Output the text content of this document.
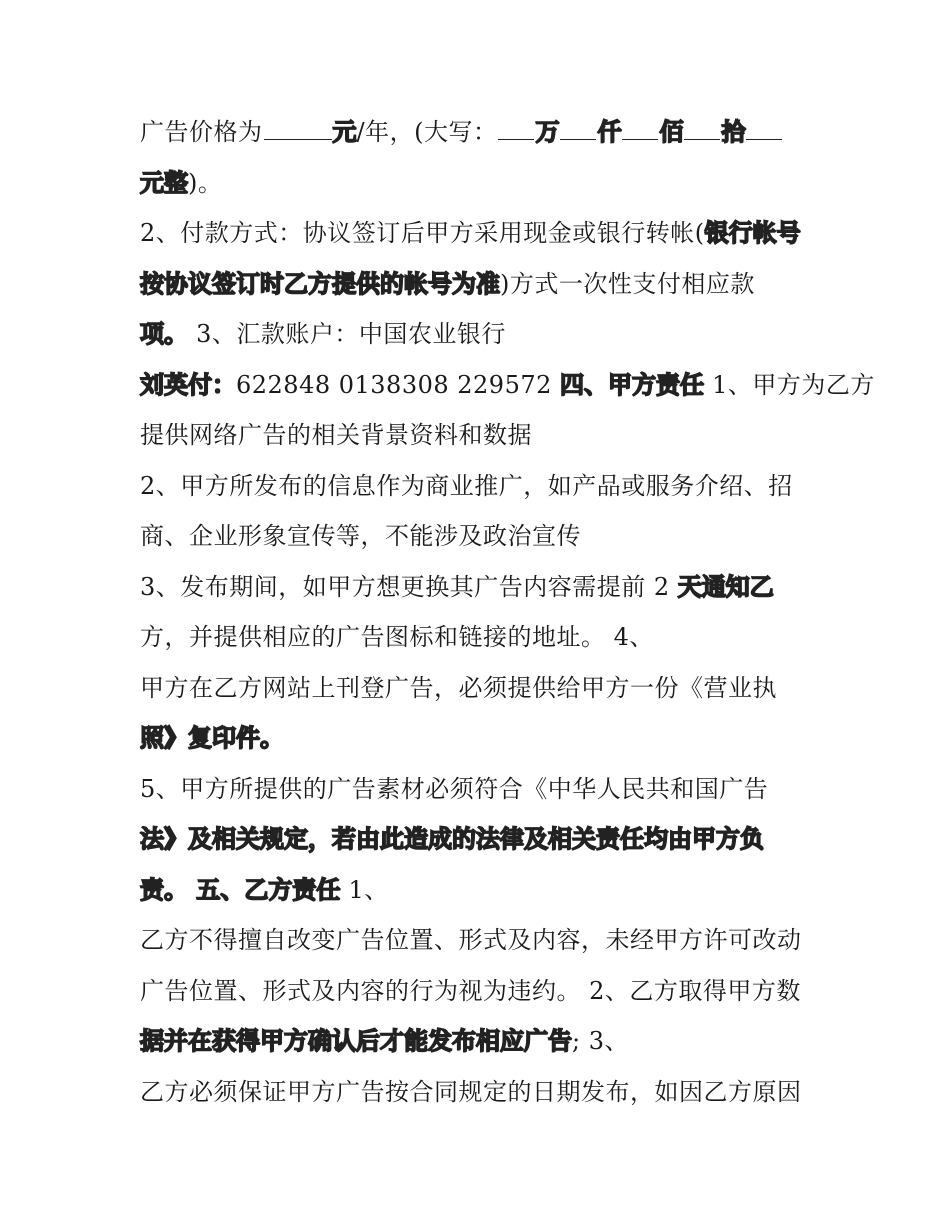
广告价格为	元/年，(大写： 万 仟 佰 拾
元整)。
2、付款方式：协议签订后甲方采用现金或银行转帐(银行帐号
按协议签订时乙方提供的帐号为准)方式一次性支付相应款
项。 3、汇款账户：中国农业银行
刘英付：622848 0138308 229572 四、甲方责任 1、甲方为乙方
提供网络广告的相关背景资料和数据
2、甲方所发布的信息作为商业推广，如产品或服务介绍、招
商、企业形象宣传等，不能涉及政治宣传
3、发布期间，如甲方想更换其广告内容需提前 2 天通知乙
方，并提供相应的广告图标和链接的地址。 4、
甲方在乙方网站上刊登广告，必须提供给甲方一份《营业执
照》复印件。
5、甲方所提供的广告素材必须符合《中华人民共和国广告
法》及相关规定，若由此造成的法律及相关责任均由甲方负
责。 五、乙方责任 1、
乙方不得擅自改变广告位置、形式及内容，未经甲方许可改动
广告位置、形式及内容的行为视为违约。 2、乙方取得甲方数
据并在获得甲方确认后才能发布相应广告; 3、
乙方必须保证甲方广告按合同规定的日期发布，如因乙方原因
